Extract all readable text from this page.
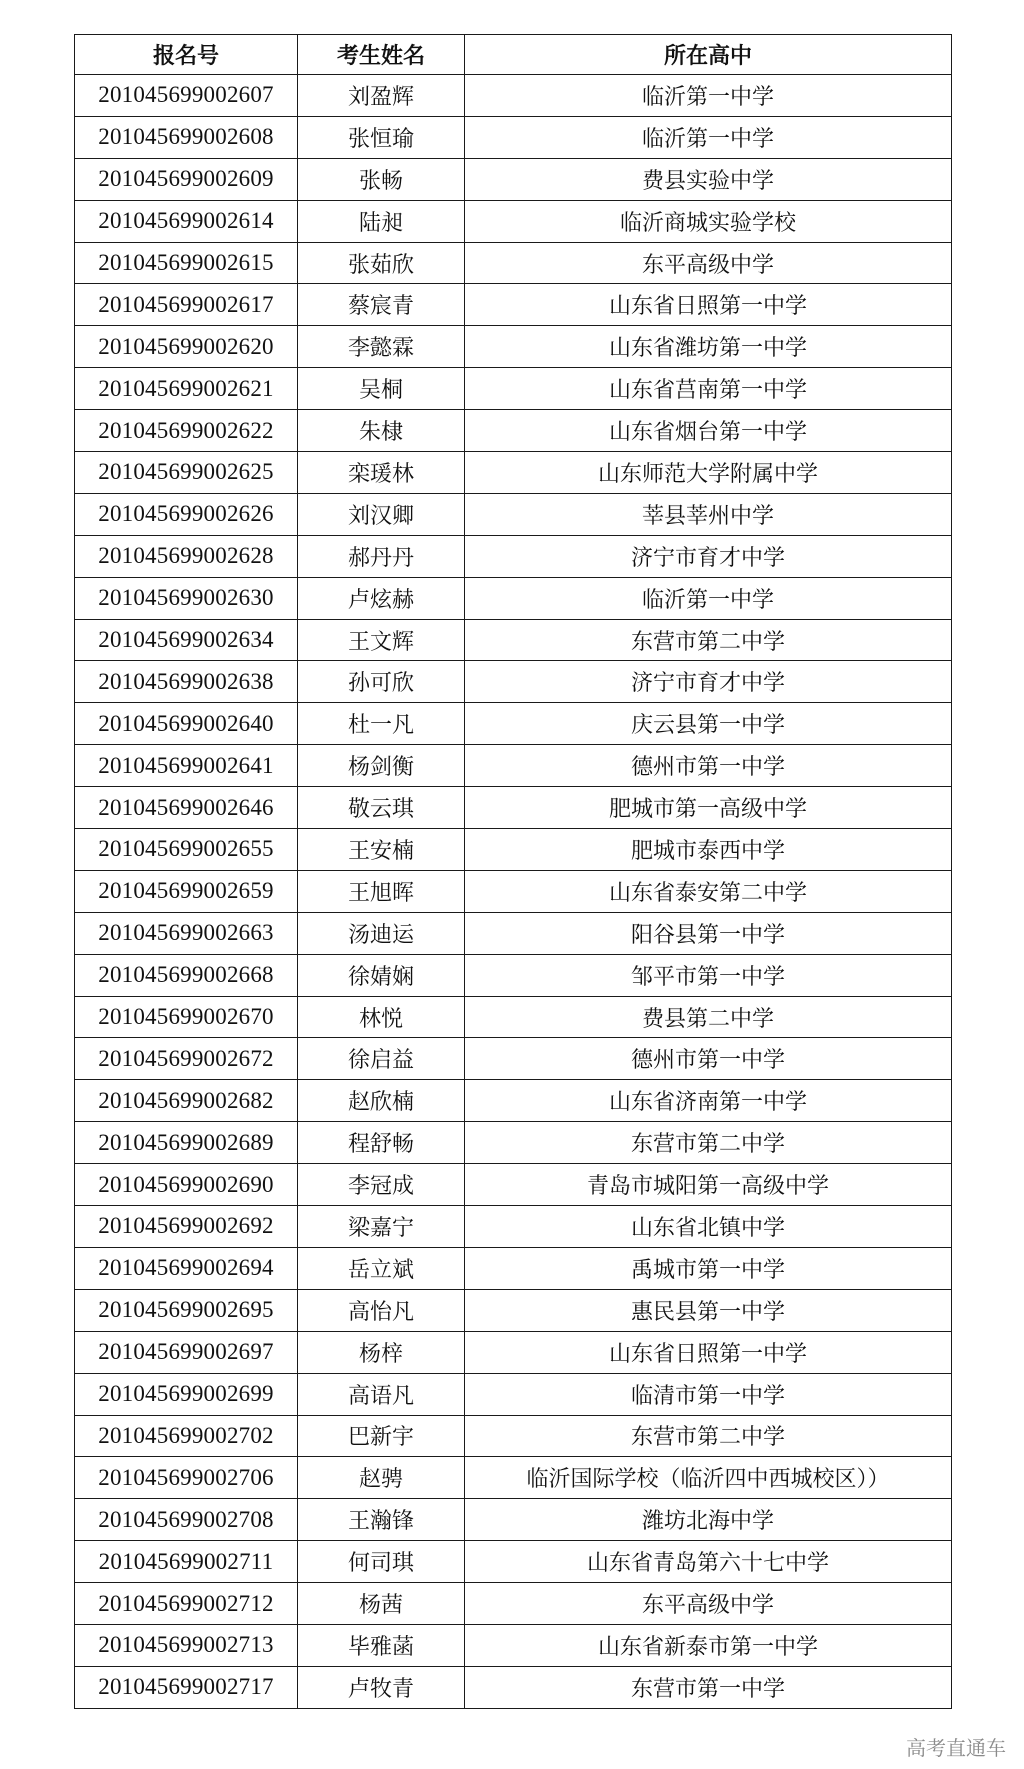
报名号	考生姓名	所在高中
201045699002607	刘盈辉	临沂第一中学
201045699002608	张恒瑜	临沂第一中学
201045699002609	张畅	费县实验中学
201045699002614	陆昶	临沂商城实验学校
201045699002615	张茹欣	东平高级中学
201045699002617	蔡宸青	山东省日照第一中学
201045699002620	李懿霖	山东省潍坊第一中学
201045699002621	吴桐	山东省莒南第一中学
201045699002622	朱棣	山东省烟台第一中学
201045699002625	栾瑗林	山东师范大学附属中学
201045699002626	刘汉卿	莘县莘州中学
201045699002628	郝丹丹	济宁市育才中学
201045699002630	卢炫赫	临沂第一中学
201045699002634	王文辉	东营市第二中学
201045699002638	孙可欣	济宁市育才中学
201045699002640	杜一凡	庆云县第一中学
201045699002641	杨剑衡	德州市第一中学
201045699002646	敬云琪	肥城市第一高级中学
201045699002655	王安楠	肥城市泰西中学
201045699002659	王旭晖	山东省泰安第二中学
201045699002663	汤迪运	阳谷县第一中学
201045699002668	徐婧娴	邹平市第一中学
201045699002670	林悦	费县第二中学
201045699002672	徐启益	德州市第一中学
201045699002682	赵欣楠	山东省济南第一中学
201045699002689	程舒畅	东营市第二中学
201045699002690	李冠成	青岛市城阳第一高级中学
201045699002692	梁嘉宁	山东省北镇中学
201045699002694	岳立斌	禹城市第一中学
201045699002695	高怡凡	惠民县第一中学
201045699002697	杨梓	山东省日照第一中学
201045699002699	高语凡	临清市第一中学
201045699002702	巴新宇	东营市第二中学
201045699002706	赵骋	临沂国际学校（临沂四中西城校区））
201045699002708	王瀚锋	潍坊北海中学
201045699002711	何司琪	山东省青岛第六十七中学
201045699002712	杨茜	东平高级中学
201045699002713	毕雅菡	山东省新泰市第一中学
201045699002717	卢牧青	东营市第一中学
高考直通车
